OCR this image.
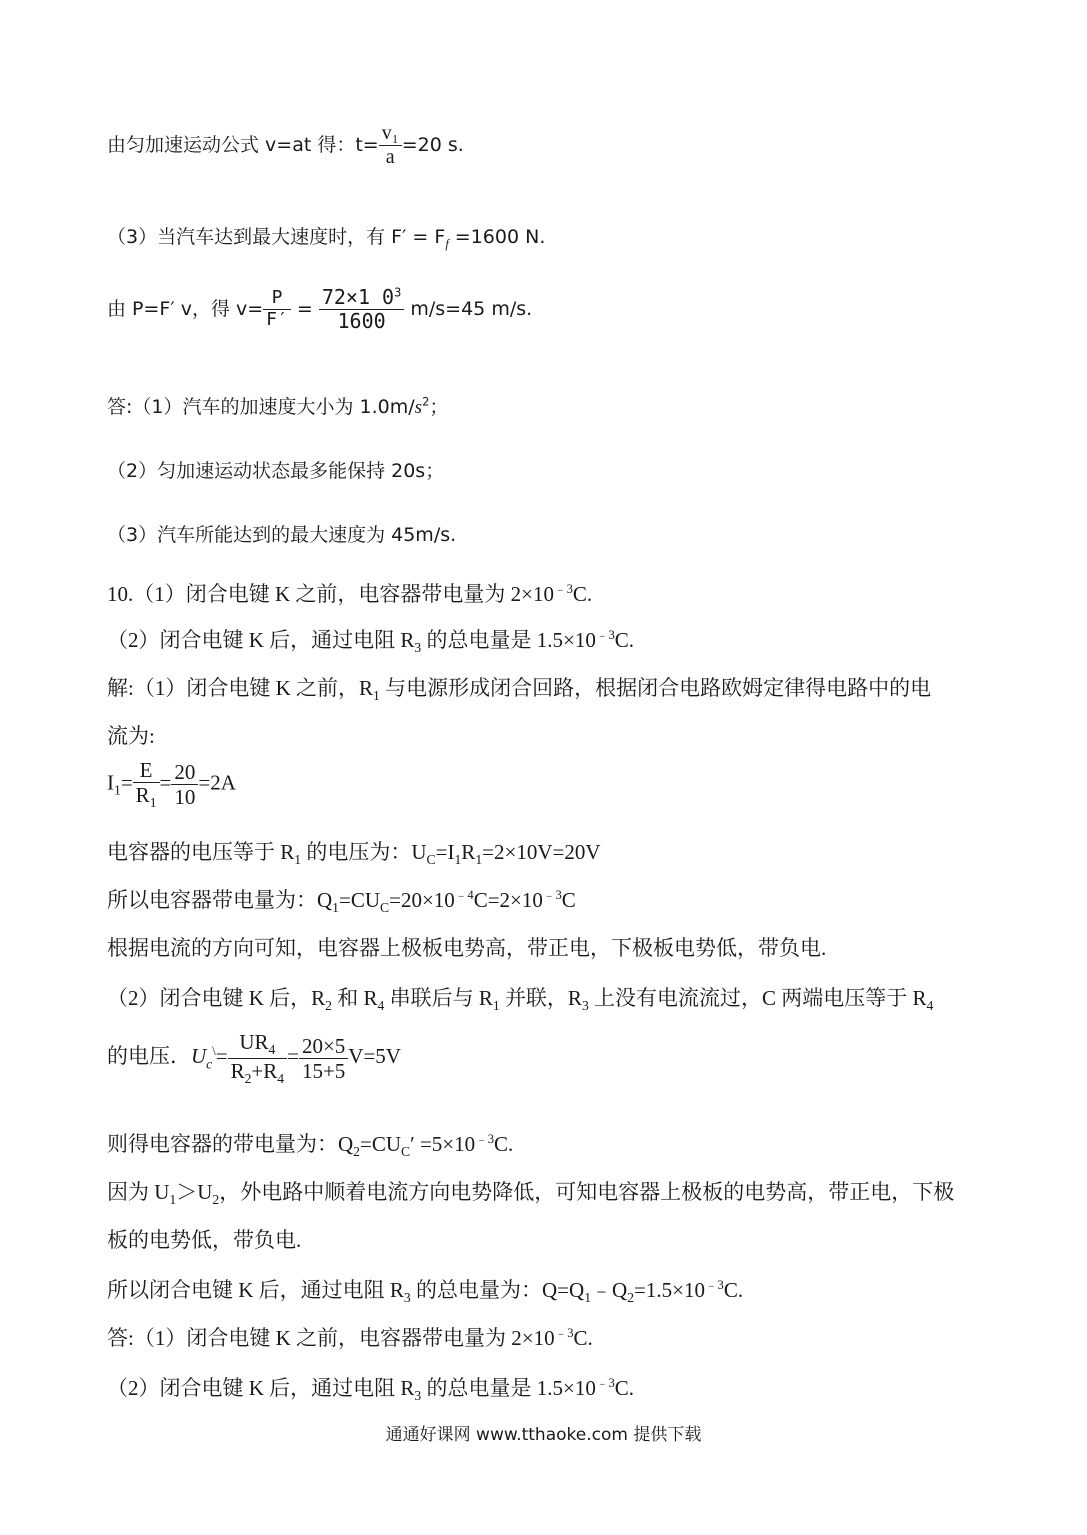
由匀加速运动公式 v=at 得：$t= \frac{\text{v₁}}{a} =20$ s.
（3）当汽车达到最大速度时，有 $F' = F_f =1600$ N.
由 P=F′ v，得 $v= \frac{P}{F'} = \frac{72\times 1 0^3}{1600} m/s=45$ m/s.
答:（1）汽车的加速度大小为 $1.0m/s^2$；
（2）匀加速运动状态最多能保持 20s；
（3）汽车所能达到的最大速度为 45m/s.
10.（1）闭合电键 K 之前，电容器带电量为 $2\times 10^{﹣3}C$.
（2）闭合电键 K 后，通过电阻 $R_3$ 的总电量是 $1.5\times 10^{﹣3}C$.
解:（1）闭合电键 K 之前，$R_1$ 与电源形成闭合回路，根据闭合电路欧姆定律得电路中的电
流为:
$I_1= \frac{E}{R_1} = \frac{20}{10} =2A$
电容器的电压等于 $R_1$ 的电压为：$U_C=I_1R_1=2\times 10V=20V$
所以电容器带电量为：$Q_1=CU_C=20\times 10^{﹣4}C=2\times 10^{﹣3}C$
根据电流的方向可知，电容器上极板电势高，带正电，下极板电势低，带负电.
（2）闭合电键 K 后，$R_2$ 和 $R_4$ 串联后与 $R_1$ 并联，$R_3$ 上没有电流流过，C 两端电压等于 $R_4$
的电压．$U_c^\backslash= \frac{UR_4}{R_2+R_4} = \frac{20\times 5}{15+5} V=5V$
则得电容器的带电量为：$Q_2=CU_C' =5\times 10^{﹣3}C$.
因为 $U_1>U_2$，外电路中顺着电流方向电势降低，可知电容器上极板的电势高，带正电，下极
板的电势低，带负电.
所以闭合电键 K 后，通过电阻 $R_3$ 的总电量为：$Q=Q_1﹣Q_2=1.5\times 10^{﹣3}C$.
答:（1）闭合电键 K 之前，电容器带电量为 $2\times 10^{﹣3}C$.
（2）闭合电键 K 后，通过电阻 $R_3$ 的总电量是 $1.5\times 10^{﹣3}C$.
通通好课网 www.tthaoke.com 提供下载
